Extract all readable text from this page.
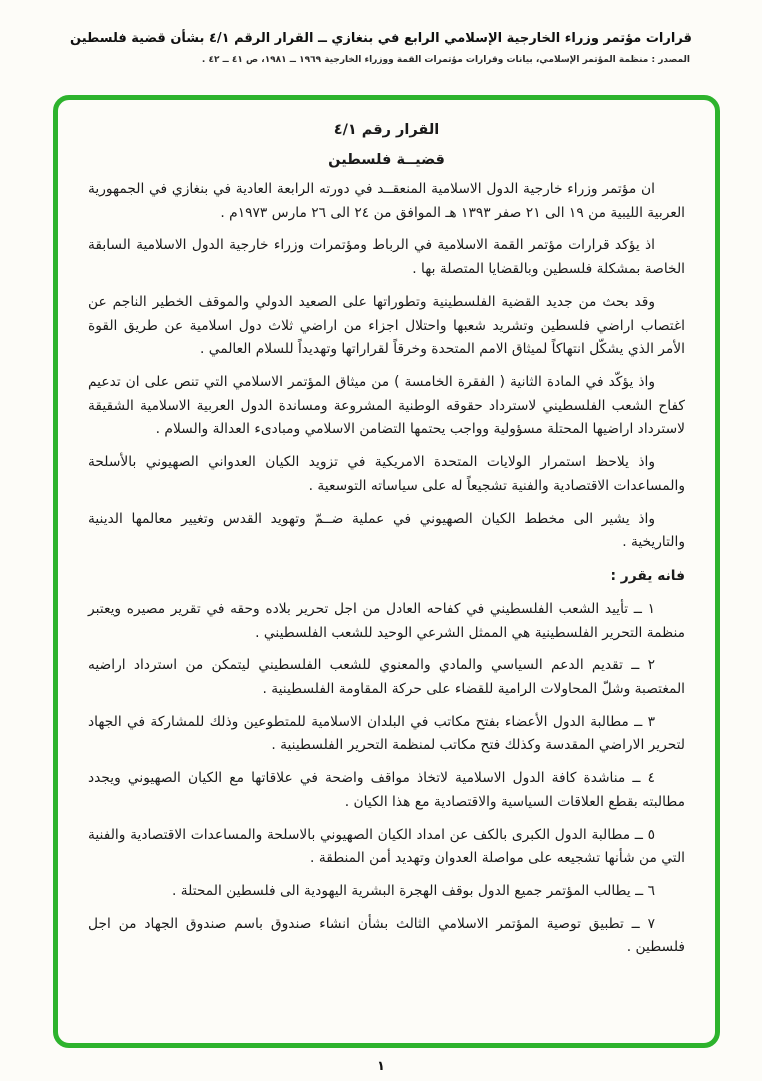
قرارات مؤتمر وزراء الخارجية الإسلامي الرابع في بنغازي ــ القرار الرقم ٤/١ بشأن قضية فلسطين
المصدر : منظمة المؤتمر الإسلامي، بيانات وقرارات مؤتمرات القمة ووزراء الخارجية ١٩٦٩ ــ ١٩٨١، ص ٤١ ــ ٤٢ .
القرار رقم ٤/١
قضيــة فلسطين

ان مؤتمر وزراء خارجية الدول الاسلامية المنعقــد في دورته الرابعة العادية في بنغازي في الجمهورية العربية الليبية من ١٩ الى ٢١ صفر ١٣٩٣ هـ الموافق من ٢٤ الى ٢٦ مارس ١٩٧٣م .

اذ يؤكد قرارات مؤتمر القمة الاسلامية في الرباط ومؤتمرات وزراء خارجية الدول الاسلامية السابقة الخاصة بمشكلة فلسطين وبالقضايا المتصلة بها .

وقد بحث من جديد القضية الفلسطينية وتطوراتها على الصعيد الدولي والموقف الخطير الناجم عن اغتصاب اراضي فلسطين وتشريد شعبها واحتلال اجزاء من اراضي ثلاث دول اسلامية عن طريق القوة الأمر الذي يشكّل انتهاكاً لميثاق الامم المتحدة وخرقاً لقراراتها وتهديداً للسلام العالمي .

واذ يؤكّد في المادة الثانية ( الفقرة الخامسة ) من ميثاق المؤتمر الاسلامي التي تنص على ان تدعيم كفاح الشعب الفلسطيني لاسترداد حقوقه الوطنية المشروعة ومساندة الدول العربية الاسلامية الشقيقة لاسترداد اراضيها المحتلة مسؤولية وواجب يحتمها التضامن الاسلامي ومبادىء العدالة والسلام .

واذ يلاحظ استمرار الولايات المتحدة الامريكية في تزويد الكيان العدواني الصهيوني بالأسلحة والمساعدات الاقتصادية والفنية تشجيعاً له على سياساته التوسعية .

واذ يشير الى مخطط الكيان الصهيوني في عملية ضــمّ وتهويد القدس وتغيير معالمها الدينية والتاريخية .

فانه يقرر :

١ ــ تأييد الشعب الفلسطيني في كفاحه العادل من اجل تحرير بلاده وحقه في تقرير مصيره ويعتبر منظمة التحرير الفلسطينية هي الممثل الشرعي الوحيد للشعب الفلسطيني .

٢ ــ تقديم الدعم السياسي والمادي والمعنوي للشعب الفلسطيني ليتمكن من استرداد اراضيه المغتصبة وشلّ المحاولات الرامية للقضاء على حركة المقاومة الفلسطينية .

٣ ــ مطالبة الدول الأعضاء بفتح مكاتب في البلدان الاسلامية للمتطوعين وذلك للمشاركة في الجهاد لتحرير الاراضي المقدسة وكذلك فتح مكاتب لمنظمة التحرير الفلسطينية .

٤ ــ مناشدة كافة الدول الاسلامية لاتخاذ مواقف واضحة في علاقاتها مع الكيان الصهيوني ويجدد مطالبته بقطع العلاقات السياسية والاقتصادية مع هذا الكيان .

٥ ــ مطالبة الدول الكبرى بالكف عن امداد الكيان الصهيوني بالاسلحة والمساعدات الاقتصادية والفنية التي من شأنها تشجيعه على مواصلة العدوان وتهديد أمن المنطقة .

٦ ــ يطالب المؤتمر جميع الدول بوقف الهجرة البشرية اليهودية الى فلسطين المحتلة .

٧ ــ تطبيق توصية المؤتمر الاسلامي الثالث بشأن انشاء صندوق باسم صندوق الجهاد من اجل فلسطين .

١
